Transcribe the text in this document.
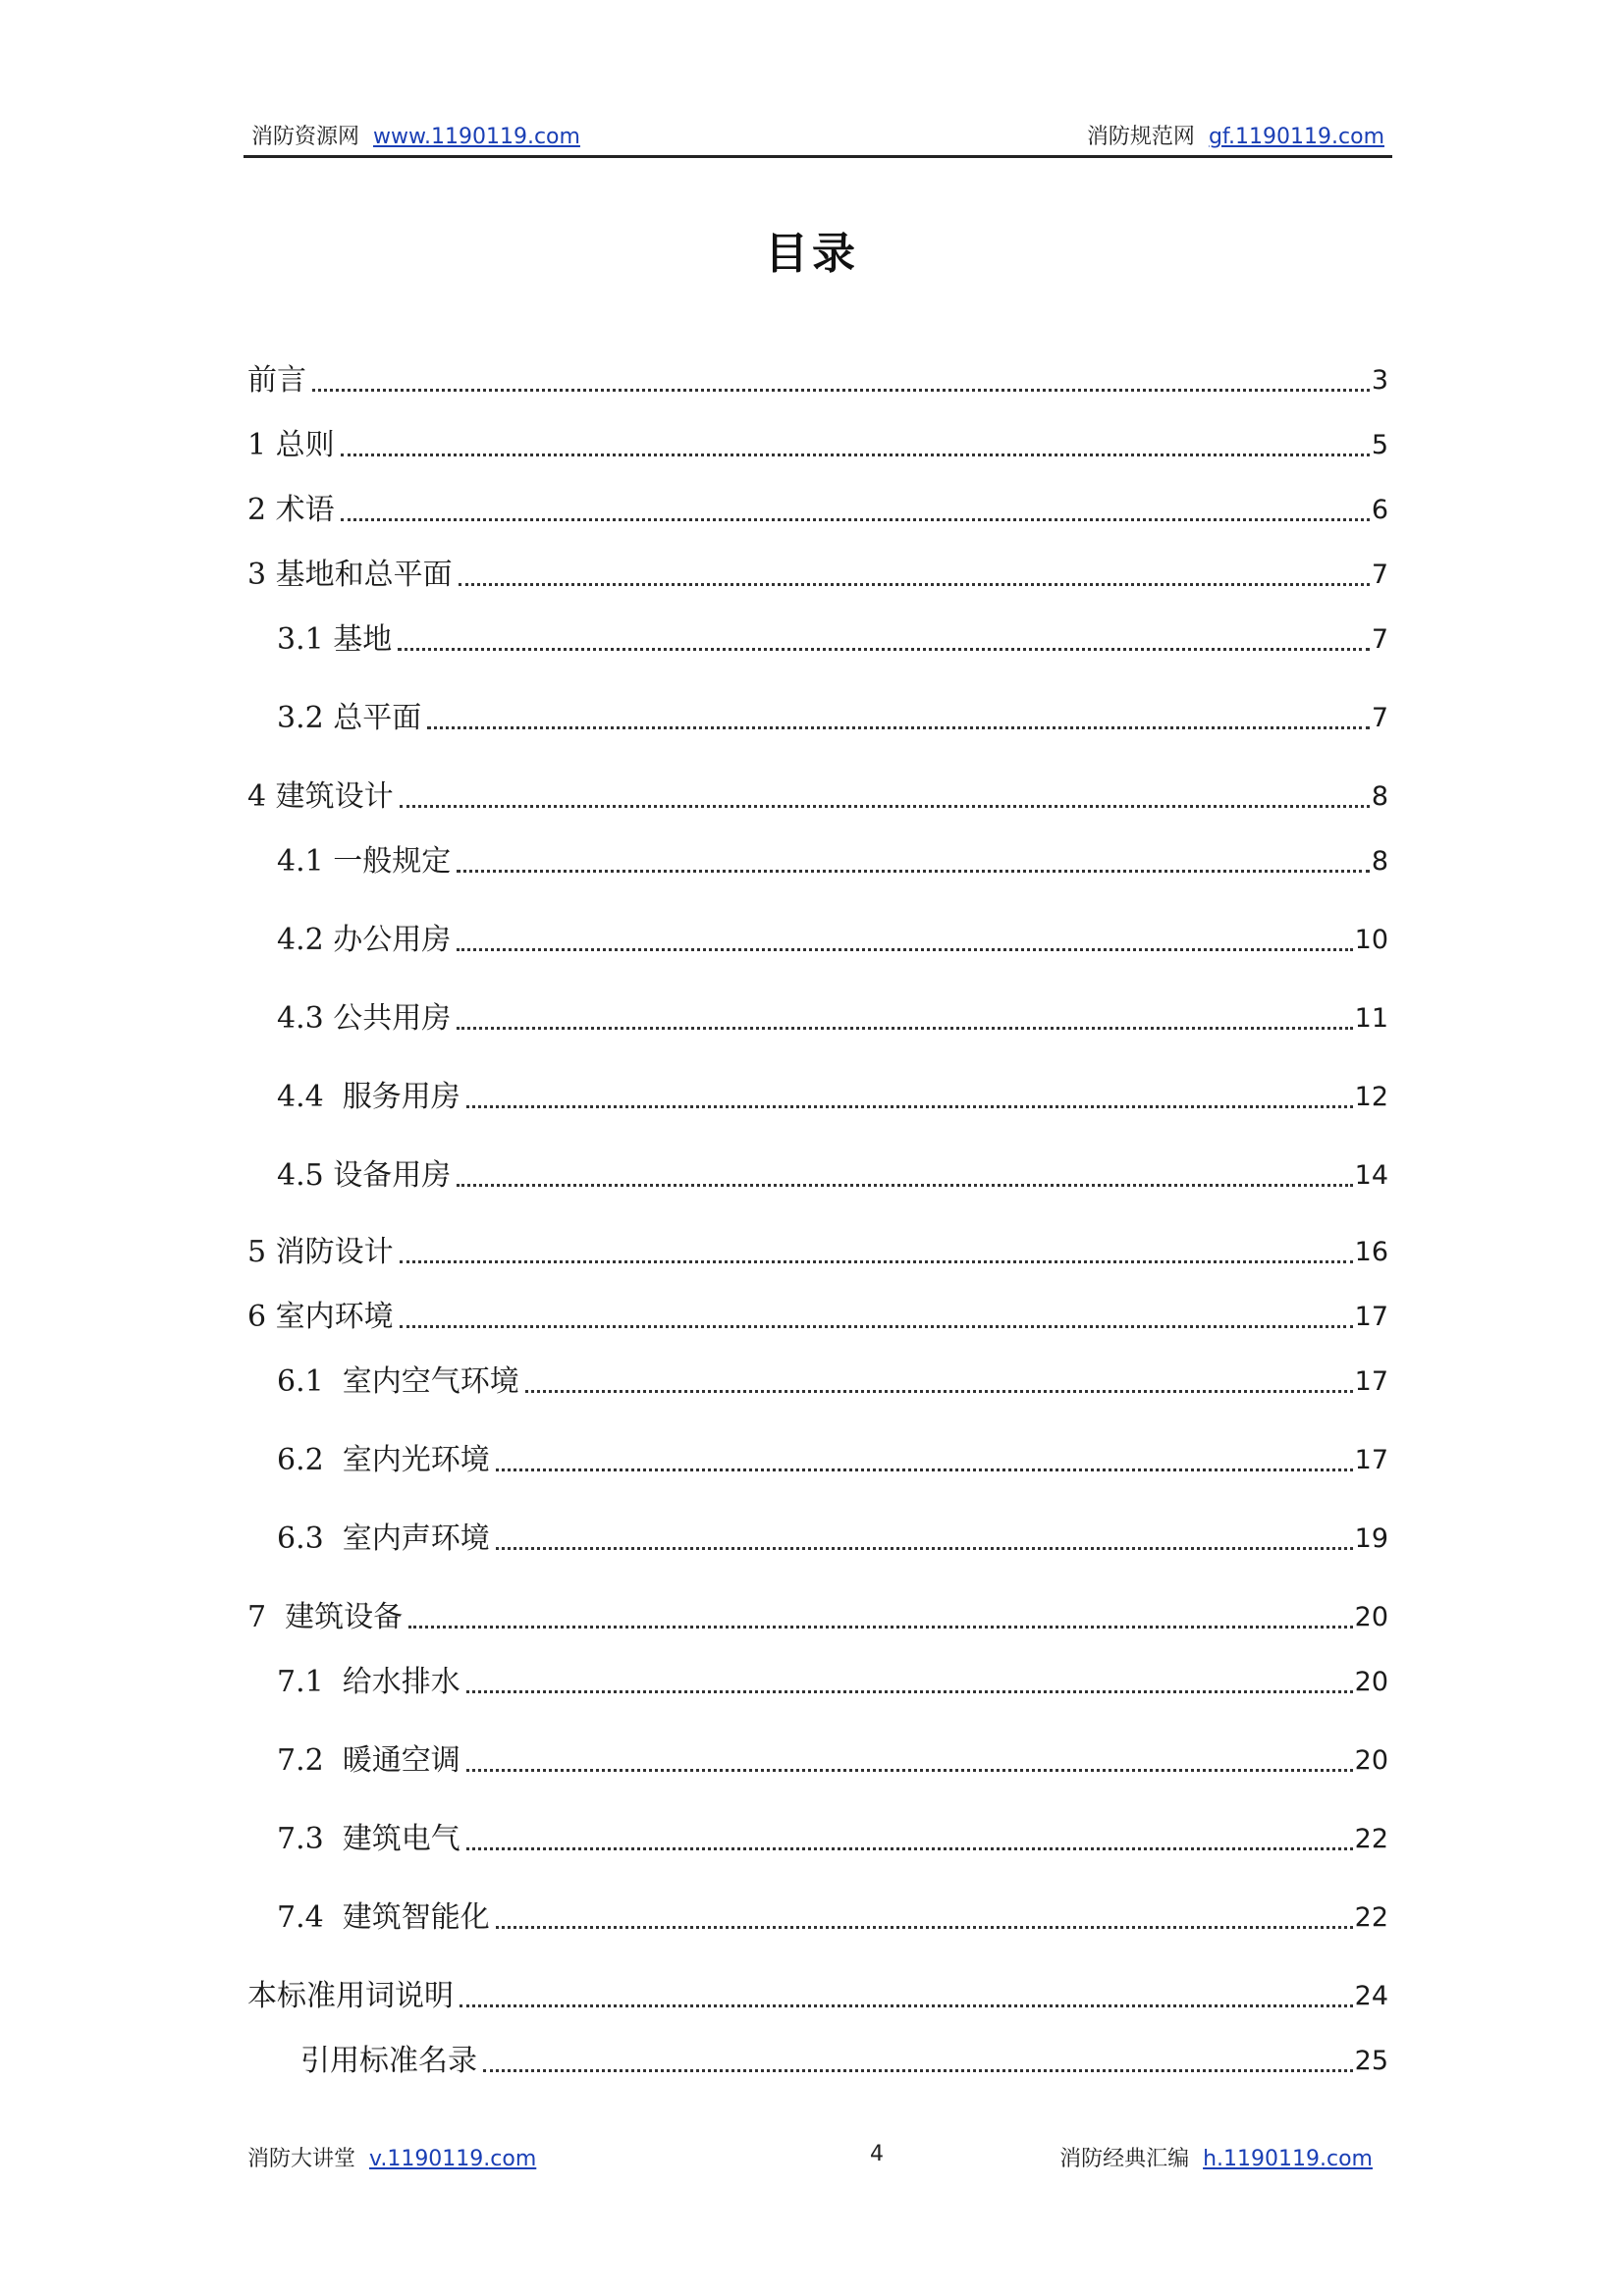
消防资源网 www.1190119.com	消防规范网 gf.1190119.com
目录
前言	3
1 总则	5
2 术语	6
3 基地和总平面	7
3.1 基地	7
3.2 总平面	7
4 建筑设计	8
4.1 一般规定	8
4.2 办公用房	10
4.3 公共用房	11
4.4  服务用房	12
4.5 设备用房	14
5 消防设计	16
6 室内环境	17
6.1  室内空气环境	17
6.2  室内光环境	17
6.3  室内声环境	19
7  建筑设备	20
7.1  给水排水	20
7.2  暖通空调	20
7.3  建筑电气	22
7.4  建筑智能化	22
本标准用词说明	24
引用标准名录	25
消防大讲堂 v.1190119.com	4	消防经典汇编 h.1190119.com
